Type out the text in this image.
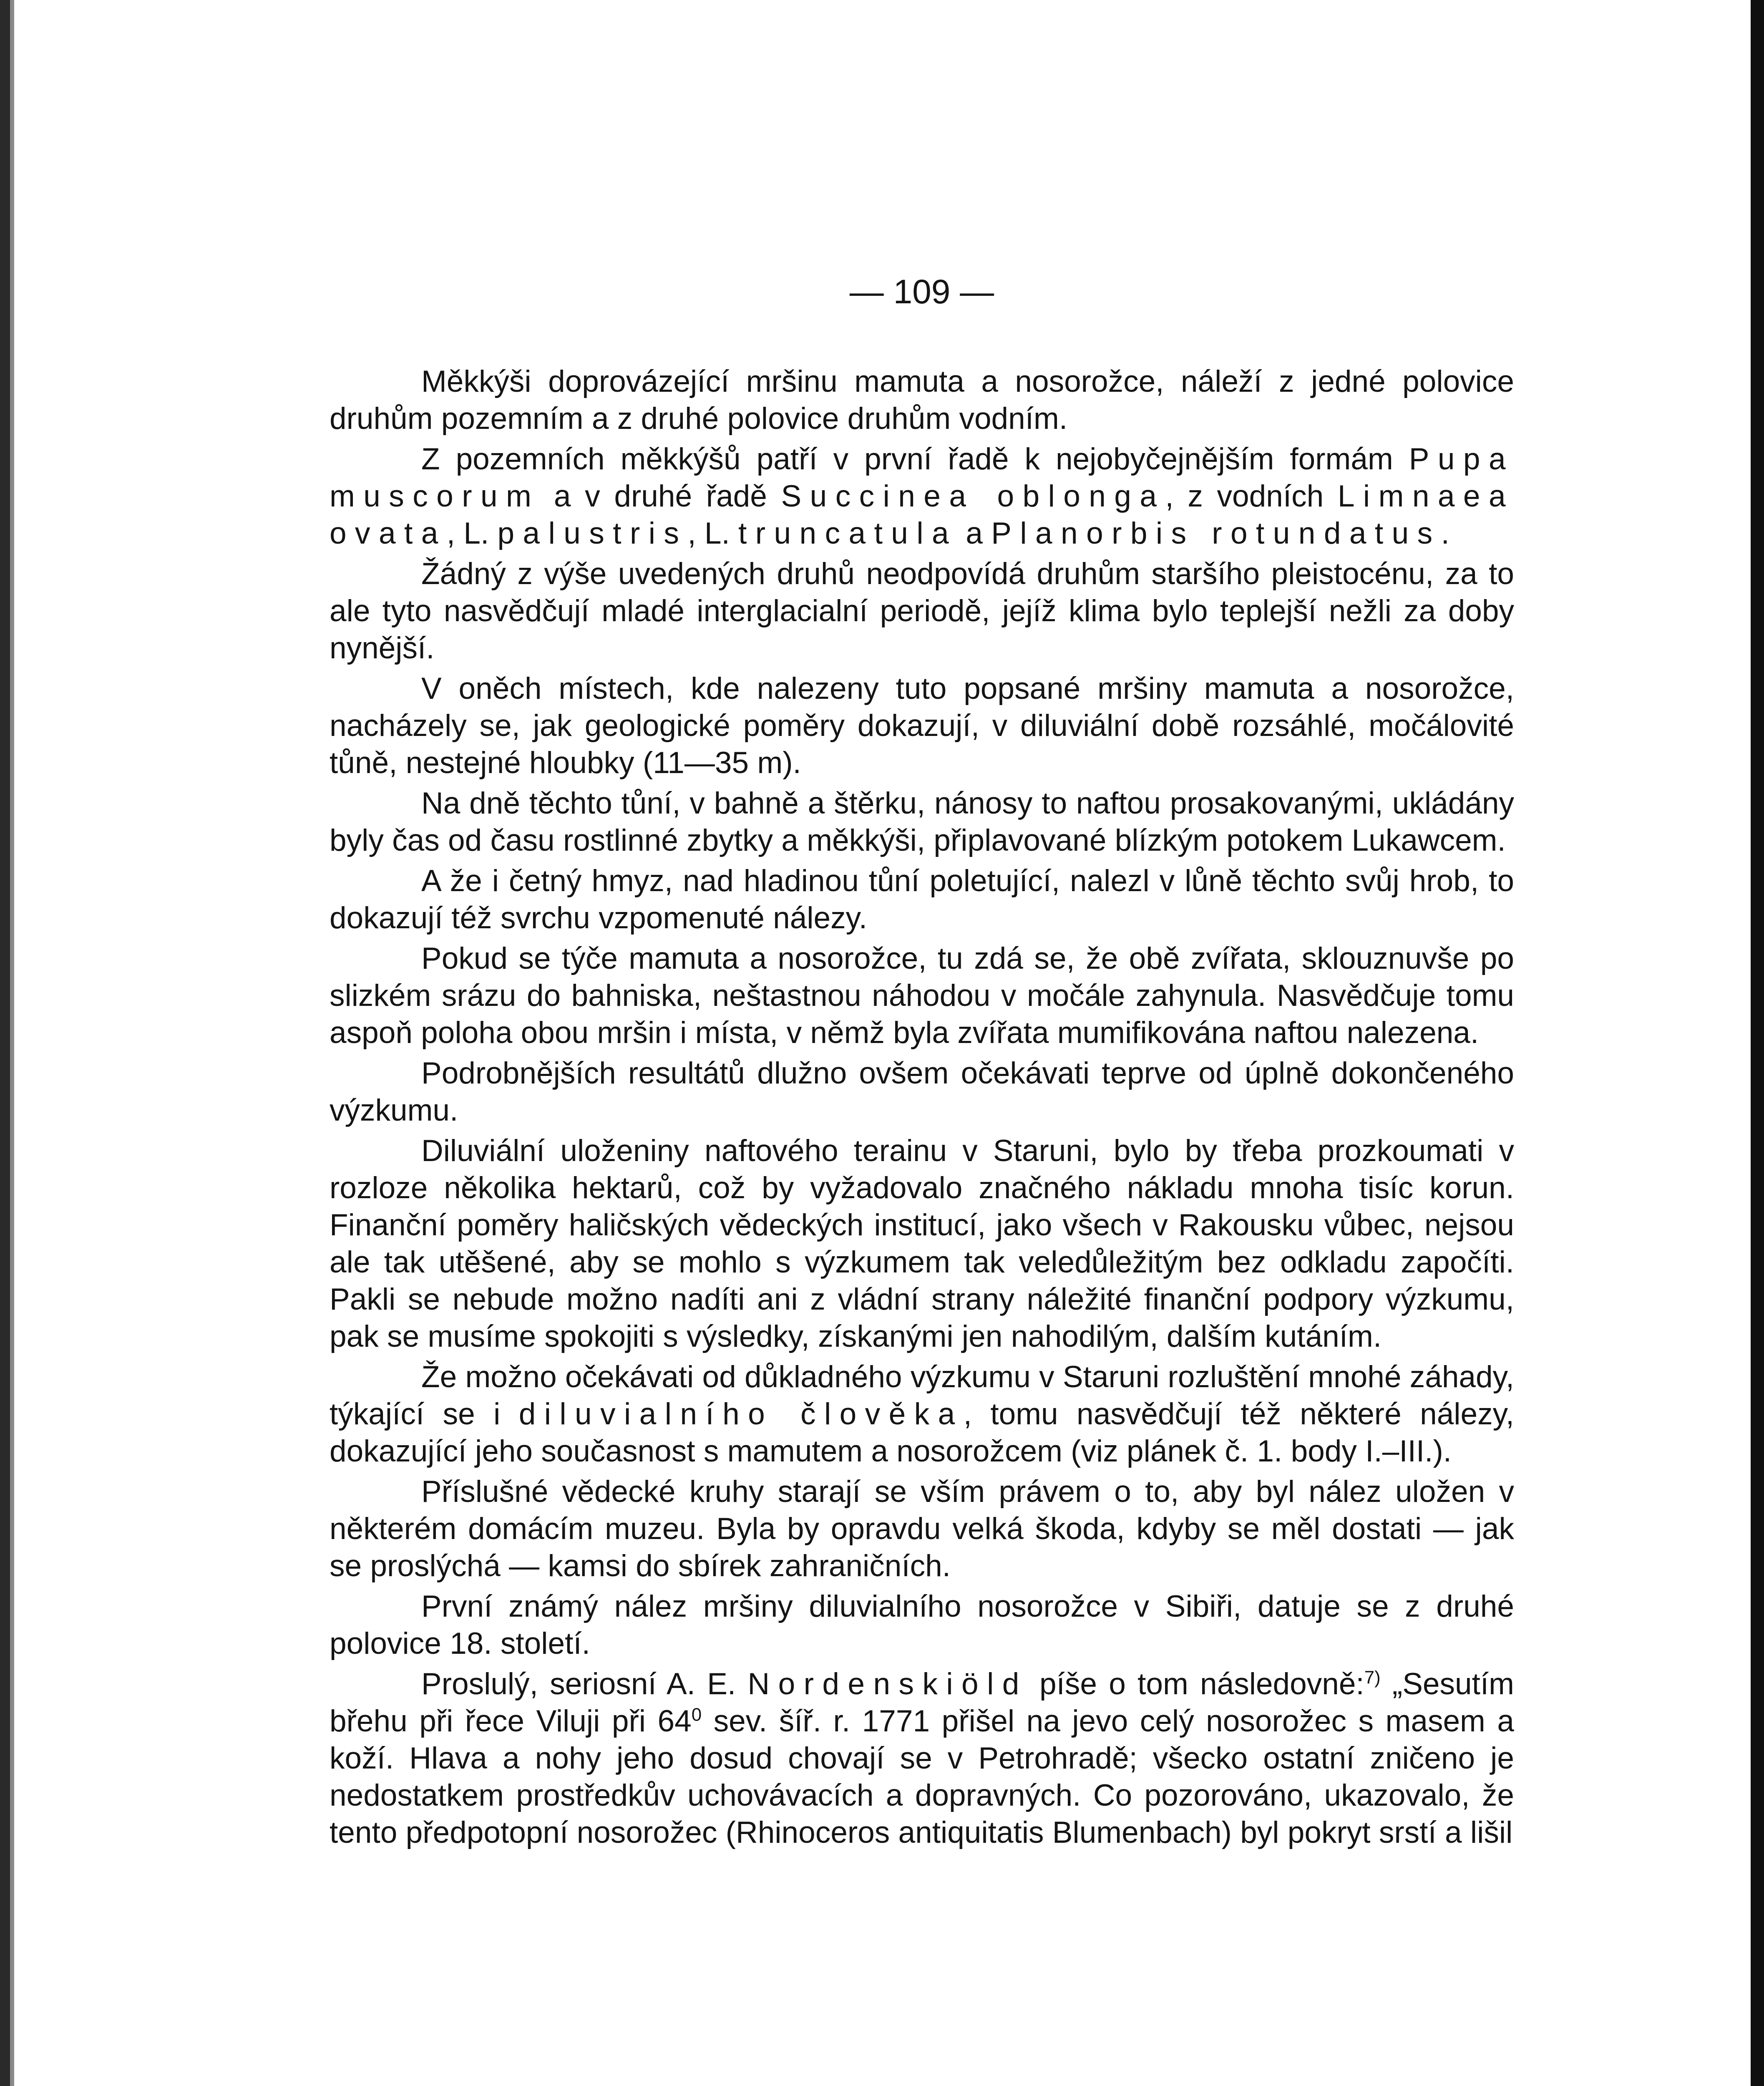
— 109 —

Měkkýši doprovázející mršinu mamuta a nosorožce, náleží z jedné polovice druhům pozemním a z druhé polovice druhům vodním.

Z pozemních měkkýšů patří v první řadě k nejobyčejnějším formám Pupa muscorum a v druhé řadě Succinea oblonga, z vodních Limnaea ovata, L. palustris, L. truncatula a Planorbis rotundatus.

Žádný z výše uvedených druhů neodpovídá druhům staršího pleistocénu, za to ale tyto nasvědčují mladé interglacialní periodě, jejíž klima bylo teplejší nežli za doby nynější.

V oněch místech, kde nalezeny tuto popsané mršiny mamuta a nosorožce, nacházely se, jak geologické poměry dokazují, v diluviální době rozsáhlé, močálovité tůně, nestejné hloubky (11—35 m).

Na dně těchto tůní, v bahně a štěrku, nánosy to naftou prosakovanými, ukládány byly čas od času rostlinné zbytky a měkkýši, připlavované blízkým potokem Lukawcem.

A že i četný hmyz, nad hladinou tůní poletující, nalezl v lůně těchto svůj hrob, to dokazují též svrchu vzpomenuté nálezy.

Pokud se týče mamuta a nosorožce, tu zdá se, že obě zvířata, sklouznuvše po slizkém srázu do bahniska, neštastnou náhodou v močále zahynula. Nasvědčuje tomu aspoň poloha obou mršin i místa, v němž byla zvířata mumifikována naftou nalezena.

Podrobnějších resultátů dlužno ovšem očekávati teprve od úplně dokončeného výzkumu.

Diluviální uloženiny naftového terainu v Staruni, bylo by třeba prozkoumati v rozloze několika hektarů, což by vyžadovalo značného nákladu mnoha tisíc korun. Finanční poměry haličských vědeckých institucí, jako všech v Rakousku vůbec, nejsou ale tak utěšené, aby se mohlo s výzkumem tak veledůležitým bez odkladu započíti. Pakli se nebude možno nadíti ani z vládní strany náležité finanční podpory výzkumu, pak se musíme spokojiti s výsledky, získanými jen nahodilým, dalším kutáním.

Že možno očekávati od důkladného výzkumu v Staruni rozluštění mnohé záhady, týkající se i diluvialního člověka, tomu nasvědčují též některé nálezy, dokazující jeho současnost s mamutem a nosorožcem (viz plánek č. 1. body I.–III.).

Příslušné vědecké kruhy starají se vším právem o to, aby byl nález uložen v některém domácím muzeu. Byla by opravdu velká škoda, kdyby se měl dostati — jak se proslýchá — kamsi do sbírek zahraničních.

První známý nález mršiny diluvialního nosorožce v Sibiři, datuje se z druhé polovice 18. století.

Proslulý, seriosní A. E. Nordenskiöld píše o tom následovně:$^{7)}$ „Sesutím břehu při řece Viluji při $64^0$ sev. šíř. r. 1771 přišel na jevo celý nosorožec s masem a koží. Hlava a nohy jeho dosud chovají se v Petrohradě; všecko ostatní zničeno je nedostatkem prostředkův uchovávacích a dopravných. Co pozorováno, ukazovalo, že tento předpotopní nosorožec (Rhinoceros antiquitatis Blumenbach) byl pokryt srstí a lišil
